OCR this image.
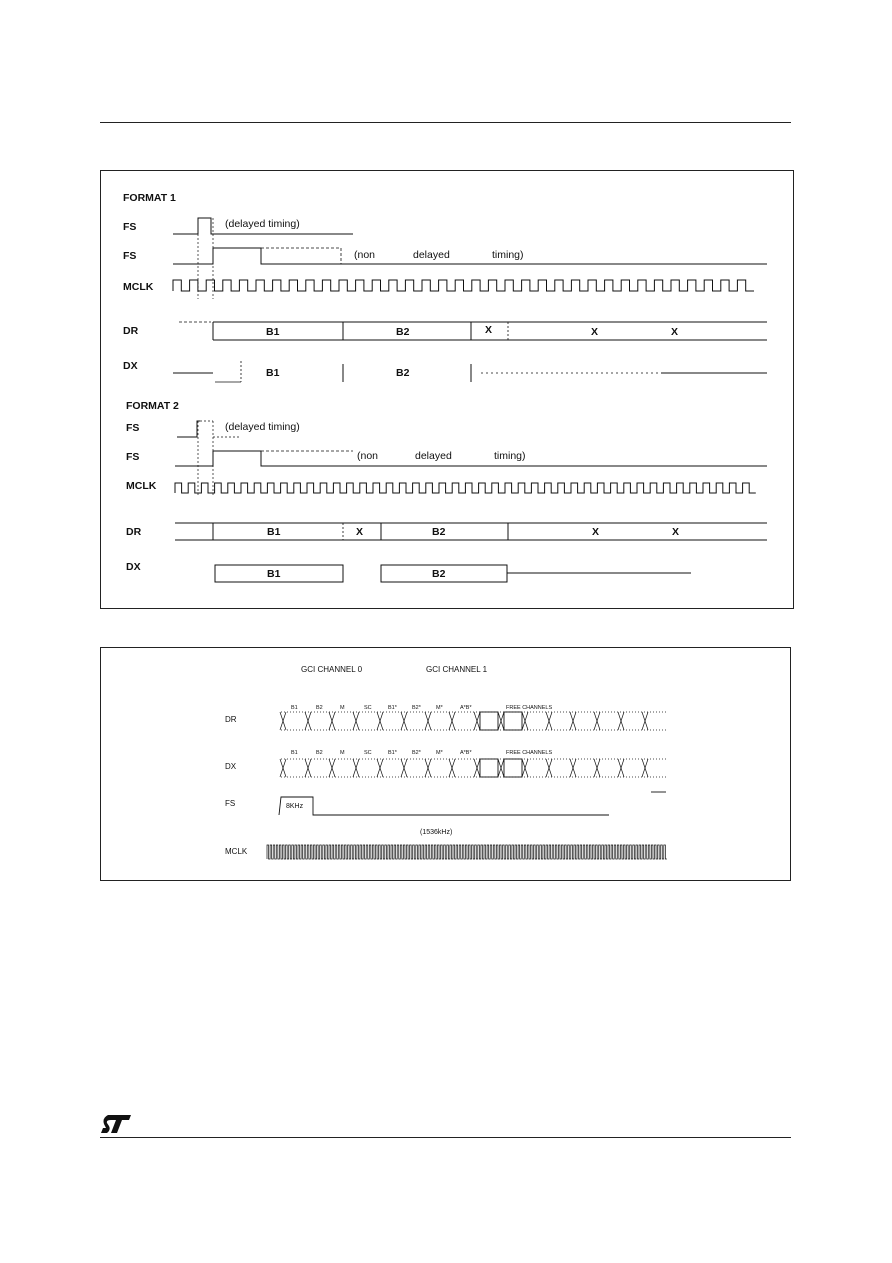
FORMAT 1
FS	(delayed timing)
FS	(non	delayed	timing)
MCLK
DR	B1	B2	X	X	X
DX
B1	B2
FORMAT 2
FS	(delayed timing)
FS	(non	delayed	timing)
MCLK
DR	B1	X	B2	X	X
DX
B1	B2
GCI CHANNEL 0	GCI CHANNEL 1
B1	B2	M	SC	B1*	B2*	M*	A*B*	FREE CHANNELS
B1	B2	M	SC	B1*	B2*	M*	A*B*	FREE CHANNELS
DR
DX
FS	8KHz
(1536kHz)
MCLK
ST
